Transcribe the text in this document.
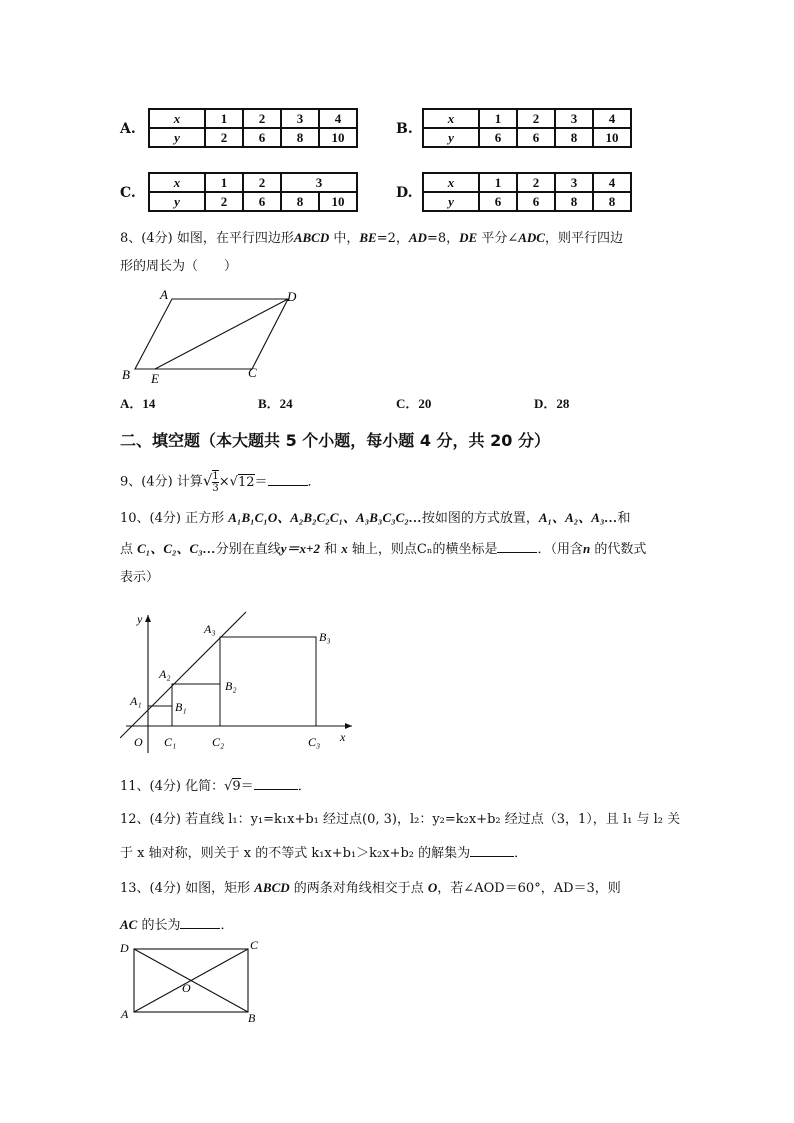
A.
x	1	2	3	4
y	2	6	8	10	B.
x	1	2	3	4
y	6	6	8	10
C.
x	1	2	3	
y	2	6	8	10	D.
x	1	2	3	4
y	6	6	8	8
8、(4分) 如图，在平行四边形ABCD 中，BE=2，AD=8，DE 平分∠ADC，则平行四边
形的周长为（　　）
A	D
B E	C
A．14	B．24	C．20	D．28
二、填空题（本大题共 5 个小题，每小题 4 分，共 20 分）
9、(4分) 计算√ $\frac{1}{3} \times√12=$	．
10、(4分) 正方形 A₁B₁C₁O、A₂B₂C₂C₁、A₃B₃C₃C₂…按如图的方式放置，A₁、A₂、A₃…和
点 C₁、C₂、C₃…分别在直线y＝x+2 和 x 轴上，则点Cₙ的横坐标是	．（用含n 的代数式
表示）
y
x
O
A₁
A₂
A₃
B₁
B₂
B₃
C₁	C₂	C₃
11、(4分) 化简：√9＝	．
12、(4分) 若直线 l₁：y₁=k₁x+b₁ 经过点(0, 3)，l₂：y₂=k₂x+b₂ 经过点（3，1），且 l₁ 与 l₂ 关
于 x 轴对称，则关于 x 的不等式 k₁x+b₁＞k₂x+b₂ 的解集为	．
13、(4分) 如图，矩形 ABCD 的两条对角线相交于点 O，若∠AOD＝60°，AD＝3，则
AC 的长为	．
D	C
A	B
O
